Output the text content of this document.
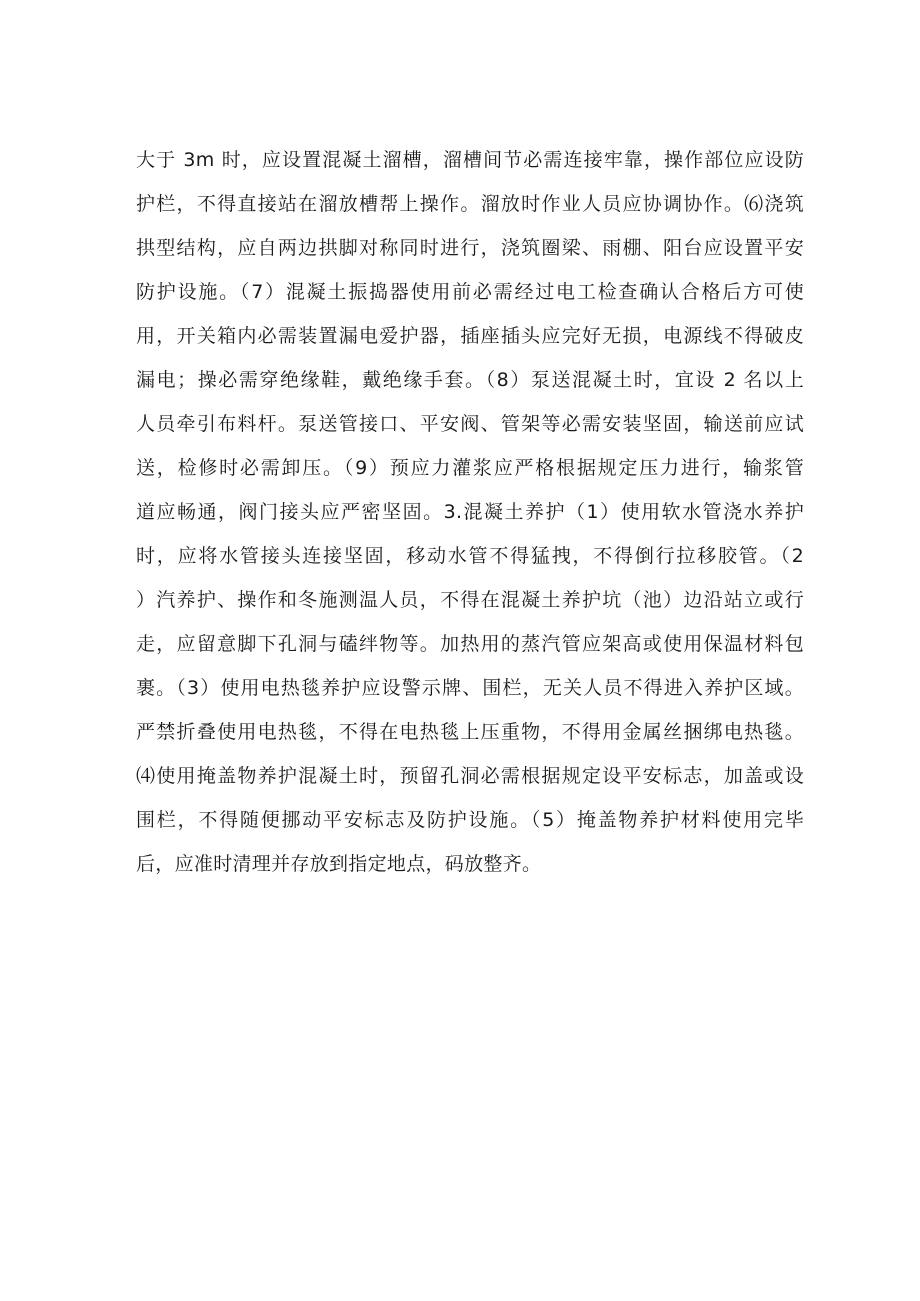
大于 3m 时，应设置混凝土溜槽，溜槽间节必需连接牢靠，操作部位应设防
护栏，不得直接站在溜放槽帮上操作。溜放时作业人员应协调协作。⑹浇筑
拱型结构，应自两边拱脚对称同时进行，浇筑圈梁、雨棚、阳台应设置平安
防护设施。（7）混凝土振捣器使用前必需经过电工检查确认合格后方可使
用，开关箱内必需装置漏电爱护器，插座插头应完好无损，电源线不得破皮
漏电；操必需穿绝缘鞋，戴绝缘手套。（8）泵送混凝土时，宜设 2 名以上
人员牵引布料杆。泵送管接口、平安阀、管架等必需安装坚固，输送前应试
送，检修时必需卸压。（9）预应力灌浆应严格根据规定压力进行，输浆管
道应畅通，阀门接头应严密坚固。3.混凝土养护（1）使用软水管浇水养护
时，应将水管接头连接坚固，移动水管不得猛拽，不得倒行拉移胶管。（2
）汽养护、操作和冬施测温人员，不得在混凝土养护坑（池）边沿站立或行
走，应留意脚下孔洞与磕绊物等。加热用的蒸汽管应架高或使用保温材料包
裹。（3）使用电热毯养护应设警示牌、围栏，无关人员不得进入养护区域。
严禁折叠使用电热毯，不得在电热毯上压重物，不得用金属丝捆绑电热毯。
⑷使用掩盖物养护混凝土时，预留孔洞必需根据规定设平安标志，加盖或设
围栏，不得随便挪动平安标志及防护设施。（5）掩盖物养护材料使用完毕
后，应准时清理并存放到指定地点，码放整齐。
